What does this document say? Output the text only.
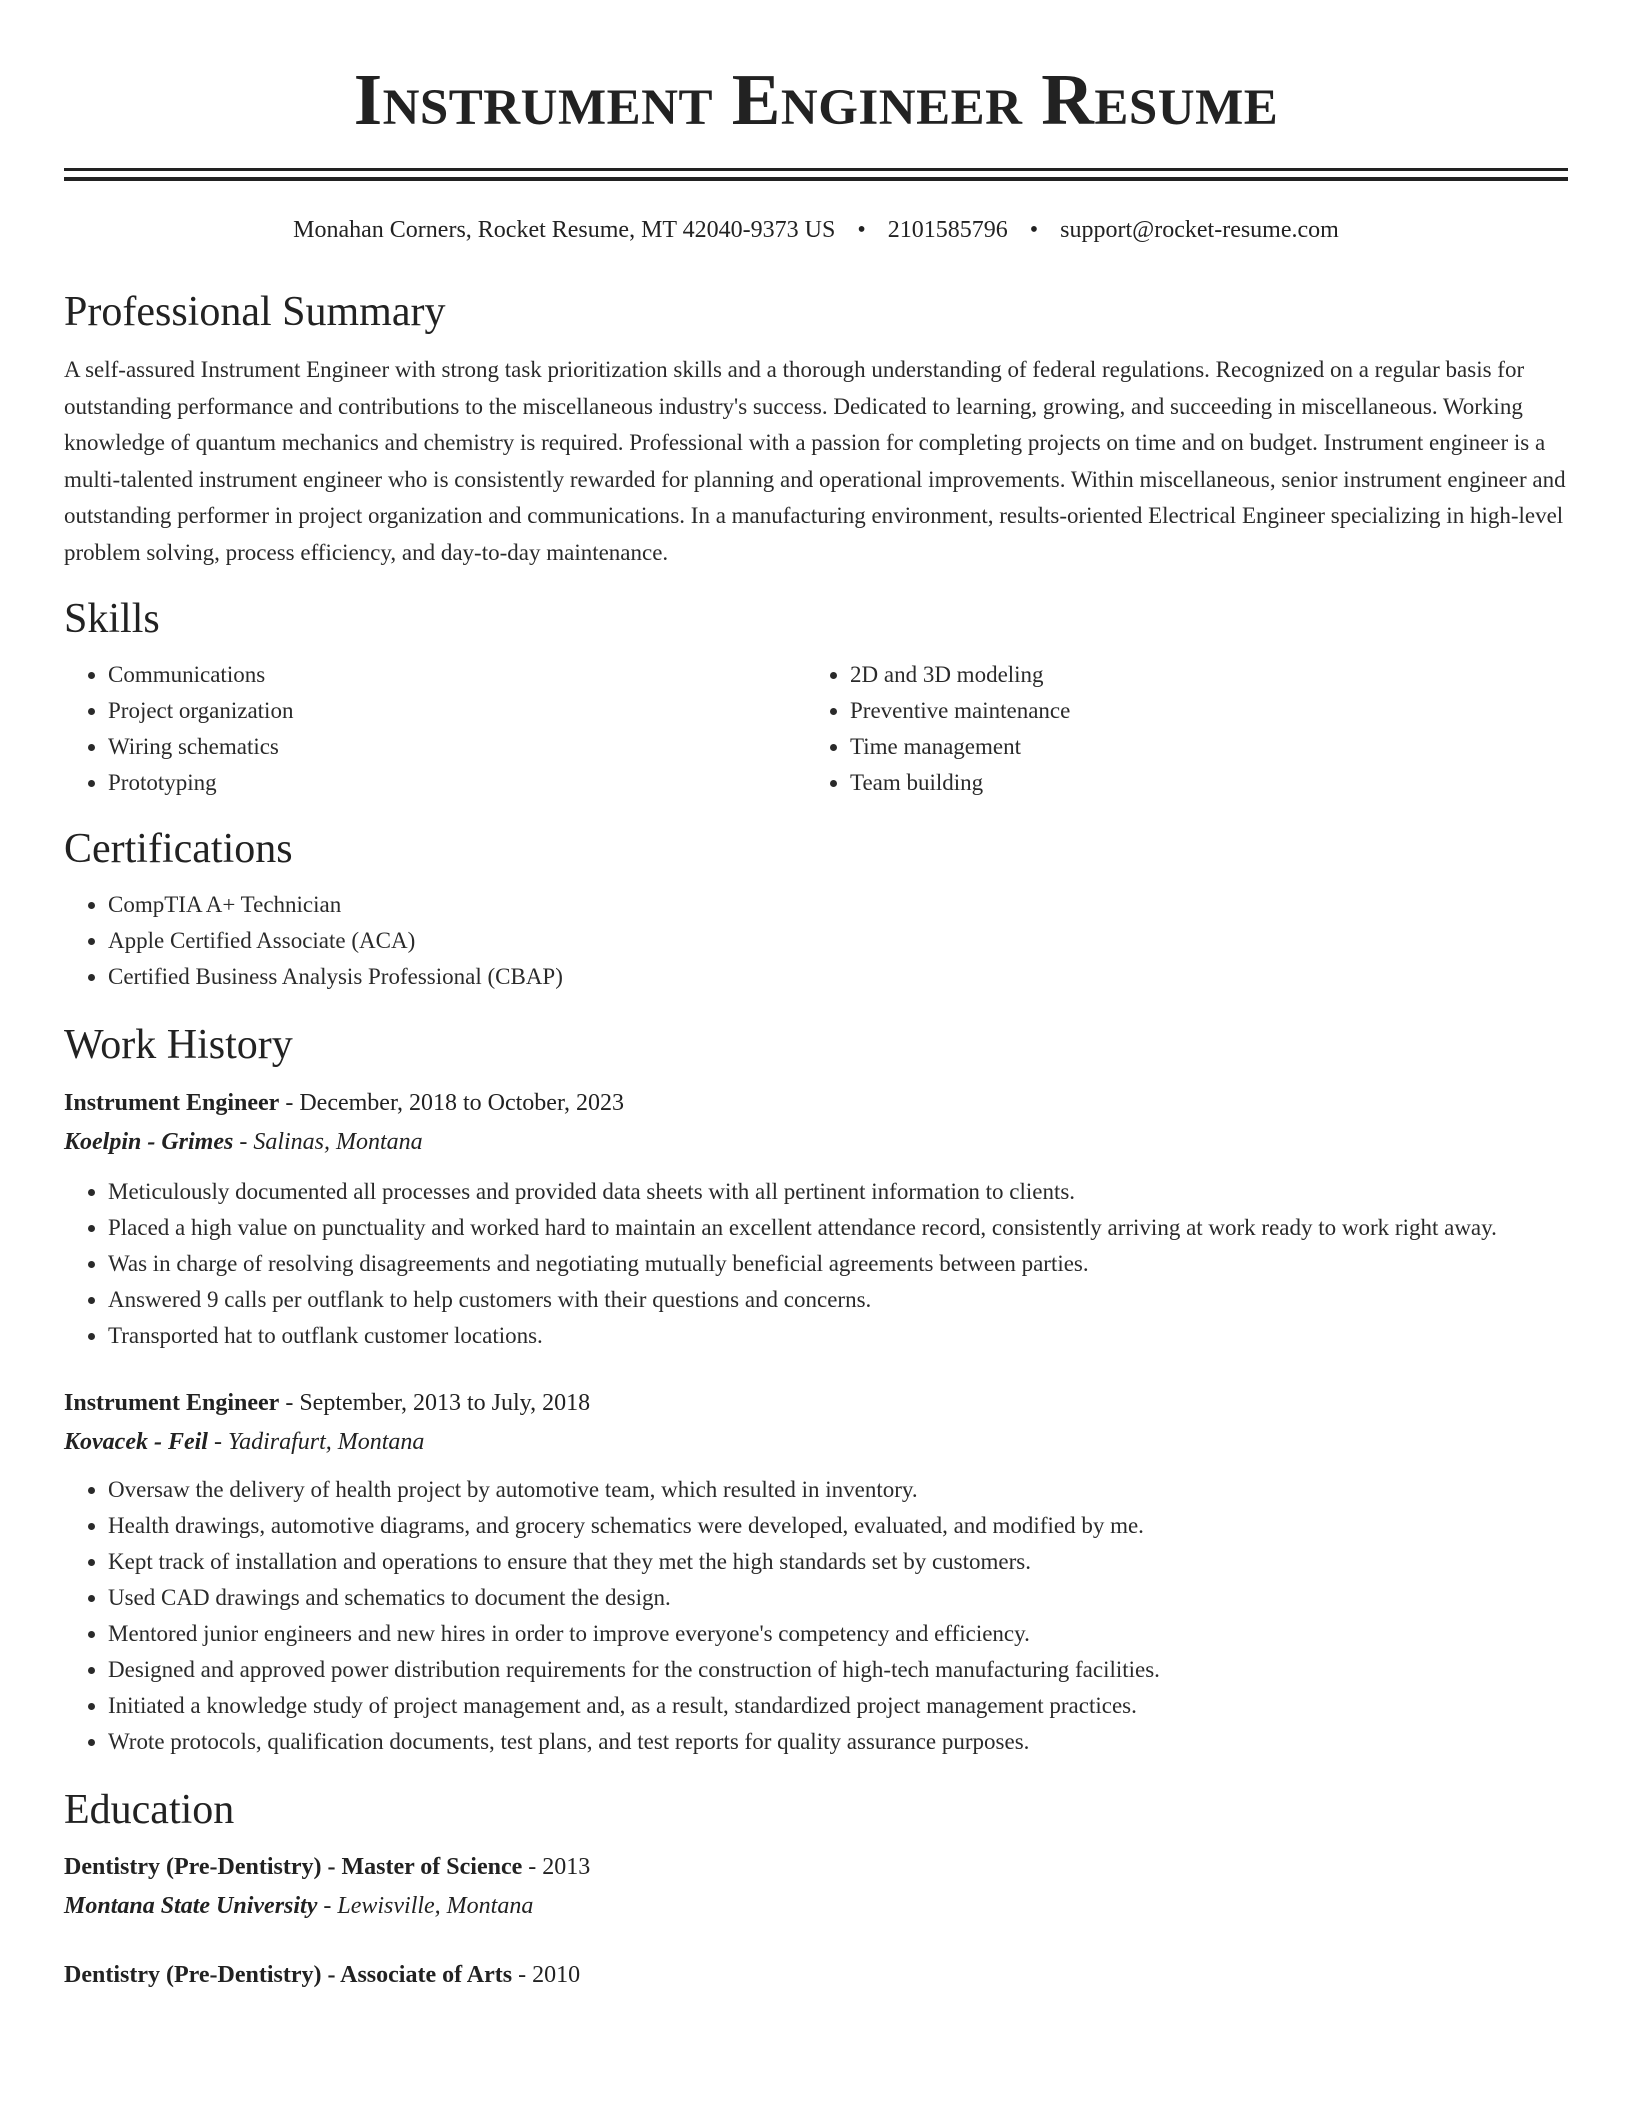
Instrument Engineer Resume
Monahan Corners, Rocket Resume, MT 42040-9373 US • 2101585796 • support@rocket-resume.com
Professional Summary

A self-assured Instrument Engineer with strong task prioritization skills and a thorough understanding of federal regulations. Recognized on a regular basis for outstanding performance and contributions to the miscellaneous industry's success. Dedicated to learning, growing, and succeeding in miscellaneous. Working knowledge of quantum mechanics and chemistry is required. Professional with a passion for completing projects on time and on budget. Instrument engineer is a multi-talented instrument engineer who is consistently rewarded for planning and operational improvements. Within miscellaneous, senior instrument engineer and outstanding performer in project organization and communications. In a manufacturing environment, results-oriented Electrical Engineer specializing in high-level problem solving, process efficiency, and day-to-day maintenance.

Skills
• Communications
• Project organization
• Wiring schematics
• Prototyping
• 2D and 3D modeling
• Preventive maintenance
• Time management
• Team building
Certifications
• CompTIA A+ Technician
• Apple Certified Associate (ACA)
• Certified Business Analysis Professional (CBAP)
Work History
Instrument Engineer - December, 2018 to October, 2023
Koelpin - Grimes - Salinas, Montana
• Meticulously documented all processes and provided data sheets with all pertinent information to clients.
• Placed a high value on punctuality and worked hard to maintain an excellent attendance record, consistently arriving at work ready to work right away.
• Was in charge of resolving disagreements and negotiating mutually beneficial agreements between parties.
• Answered 9 calls per outflank to help customers with their questions and concerns.
• Transported hat to outflank customer locations.
Instrument Engineer - September, 2013 to July, 2018
Kovacek - Feil - Yadirafurt, Montana
• Oversaw the delivery of health project by automotive team, which resulted in inventory.
• Health drawings, automotive diagrams, and grocery schematics were developed, evaluated, and modified by me.
• Kept track of installation and operations to ensure that they met the high standards set by customers.
• Used CAD drawings and schematics to document the design.
• Mentored junior engineers and new hires in order to improve everyone's competency and efficiency.
• Designed and approved power distribution requirements for the construction of high-tech manufacturing facilities.
• Initiated a knowledge study of project management and, as a result, standardized project management practices.
• Wrote protocols, qualification documents, test plans, and test reports for quality assurance purposes.
Education
Dentistry (Pre-Dentistry) - Master of Science - 2013
Montana State University - Lewisville, Montana
Dentistry (Pre-Dentistry) - Associate of Arts - 2010
